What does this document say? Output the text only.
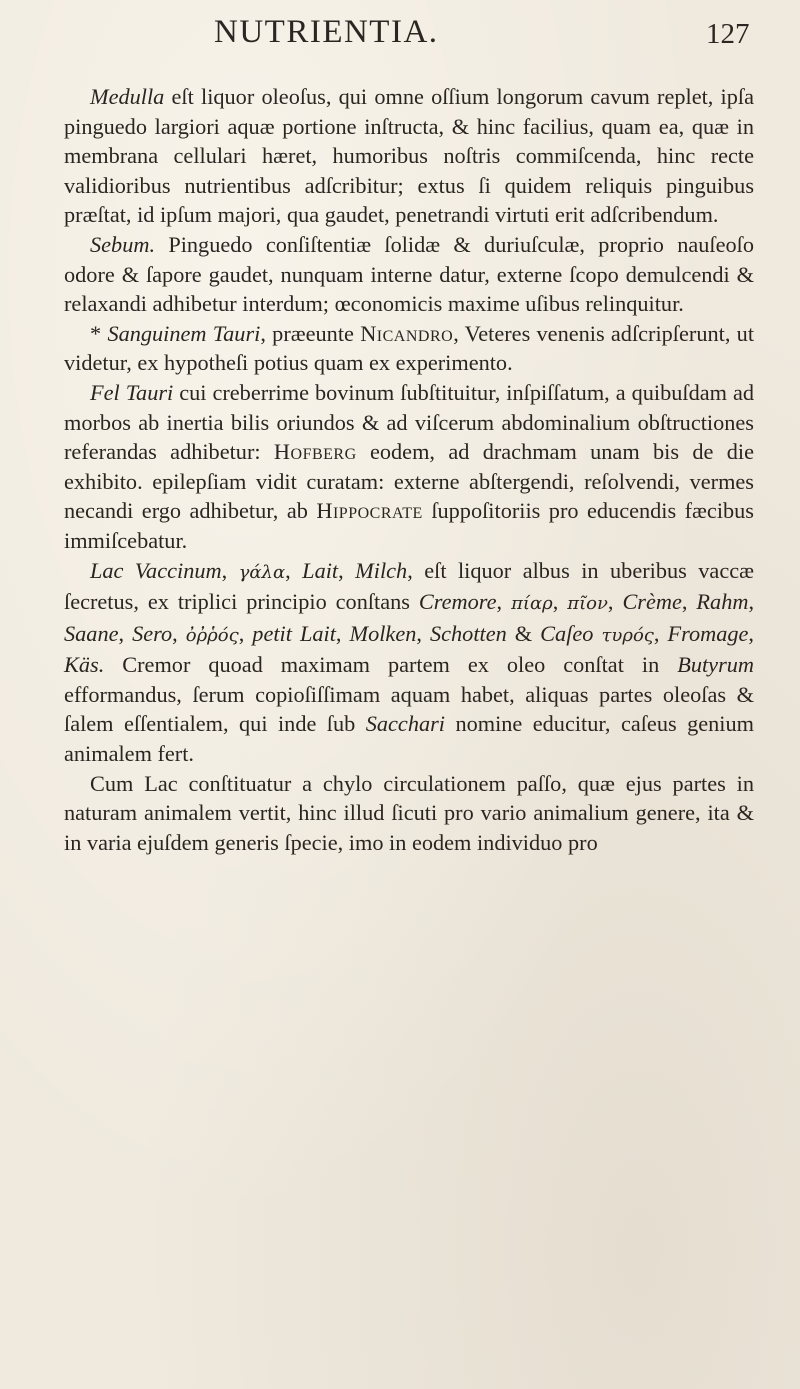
NUTRIENTIA.	127

Medulla eſt liquor oleoſus, qui omne oſſium longorum cavum replet, ipſa pinguedo largiori aquæ portione inſtructa, & hinc facilius, quam ea, quæ in membrana cellulari hæret, humoribus noſtris commiſcenda, hinc recte validioribus nutrientibus adſcribitur; extus ſi quidem reliquis pinguibus præſtat, id ipſum majori, qua gaudet, penetrandi virtuti erit adſcribendum.

Sebum. Pinguedo conſiſtentiæ ſolidæ & duriuſculæ, proprio nauſeoſo odore & ſapore gaudet, nunquam interne datur, externe ſcopo demulcendi & relaxandi adhibetur interdum; œconomicis maxime uſibus relinquitur.

* Sanguinem Tauri, præeunte Nicandro, Veteres venenis adſcripſerunt, ut videtur, ex hypotheſi potius quam ex experimento.

Fel Tauri cui creberrime bovinum ſubſtituitur, inſpiſſatum, a quibuſdam ad morbos ab inertia bilis oriundos & ad viſcerum abdominalium obſtructiones referandas adhibetur: Hofberg eodem, ad drachmam unam bis de die exhibito. epilepſiam vidit curatam: externe abſtergendi, reſolvendi, vermes necandi ergo adhibetur, ab Hippocrate ſuppoſitoriis pro educendis fæcibus immiſcebatur.

Lac Vaccinum, γάλα, Lait, Milch, eſt liquor albus in uberibus vaccæ ſecretus, ex triplici principio conſtans Cremore, πίαρ, πῖον, Crème, Rahm, Saane, Sero, ὀῤῥός, petit Lait, Molken, Schotten & Caſeo τυρός, Fromage, Käs. Cremor quoad maximam partem ex oleo conſtat in Butyrum efformandus, ſerum copioſiſſimam aquam habet, aliquas partes oleoſas & ſalem eſſentialem, qui inde ſub Sacchari nomine educitur, caſeus genium animalem fert.

Cum Lac conſtituatur a chylo circulationem paſſo, quæ ejus partes in naturam animalem vertit, hinc illud ſicuti pro vario animalium genere, ita & in varia ejuſdem generis ſpecie, imo in eodem individuo pro
